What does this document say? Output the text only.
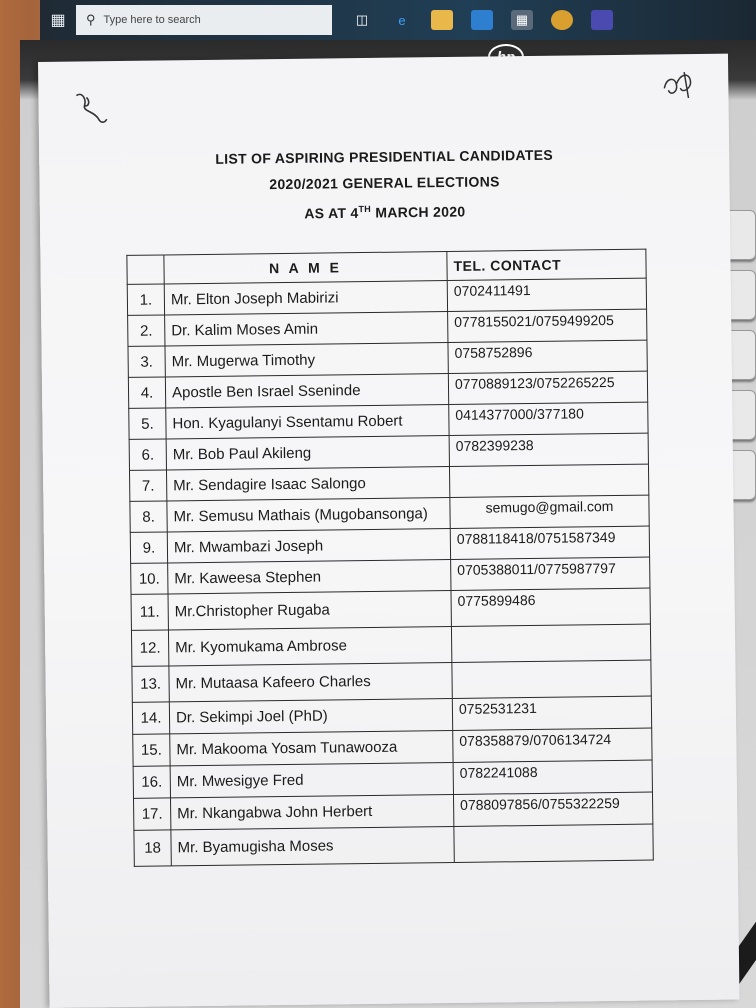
▦	⚲ Type here to search	◫	e	▦
LIST OF ASPIRING PRESIDENTIAL CANDIDATES
2020/2021 GENERAL ELECTIONS
AS AT 4TH MARCH 2020
	N A M E	TEL. CONTACT
1.	Mr. Elton Joseph Mabirizi	0702411491
2.	Dr. Kalim Moses Amin	0778155021/0759499205
3.	Mr. Mugerwa Timothy	0758752896
4.	Apostle Ben Israel Sseninde	0770889123/0752265225
5.	Hon. Kyagulanyi Ssentamu Robert	0414377000/377180
6.	Mr. Bob Paul Akileng	0782399238
7.	Mr. Sendagire Isaac Salongo	
8.	Mr. Semusu Mathais (Mugobansonga)	semugo@gmail.com
9.	Mr. Mwambazi Joseph	0788118418/0751587349
10.	Mr. Kaweesa Stephen	0705388011/0775987797
11.	Mr.Christopher Rugaba	0775899486
12.	Mr. Kyomukama Ambrose	
13.	Mr. Mutaasa Kafeero Charles	
14.	Dr. Sekimpi Joel (PhD)	0752531231
15.	Mr. Makooma Yosam Tunawooza	078358879/0706134724
16.	Mr. Mwesigye Fred	0782241088
17.	Mr. Nkangabwa John Herbert	0788097856/0755322259
18	Mr. Byamugisha Moses	
